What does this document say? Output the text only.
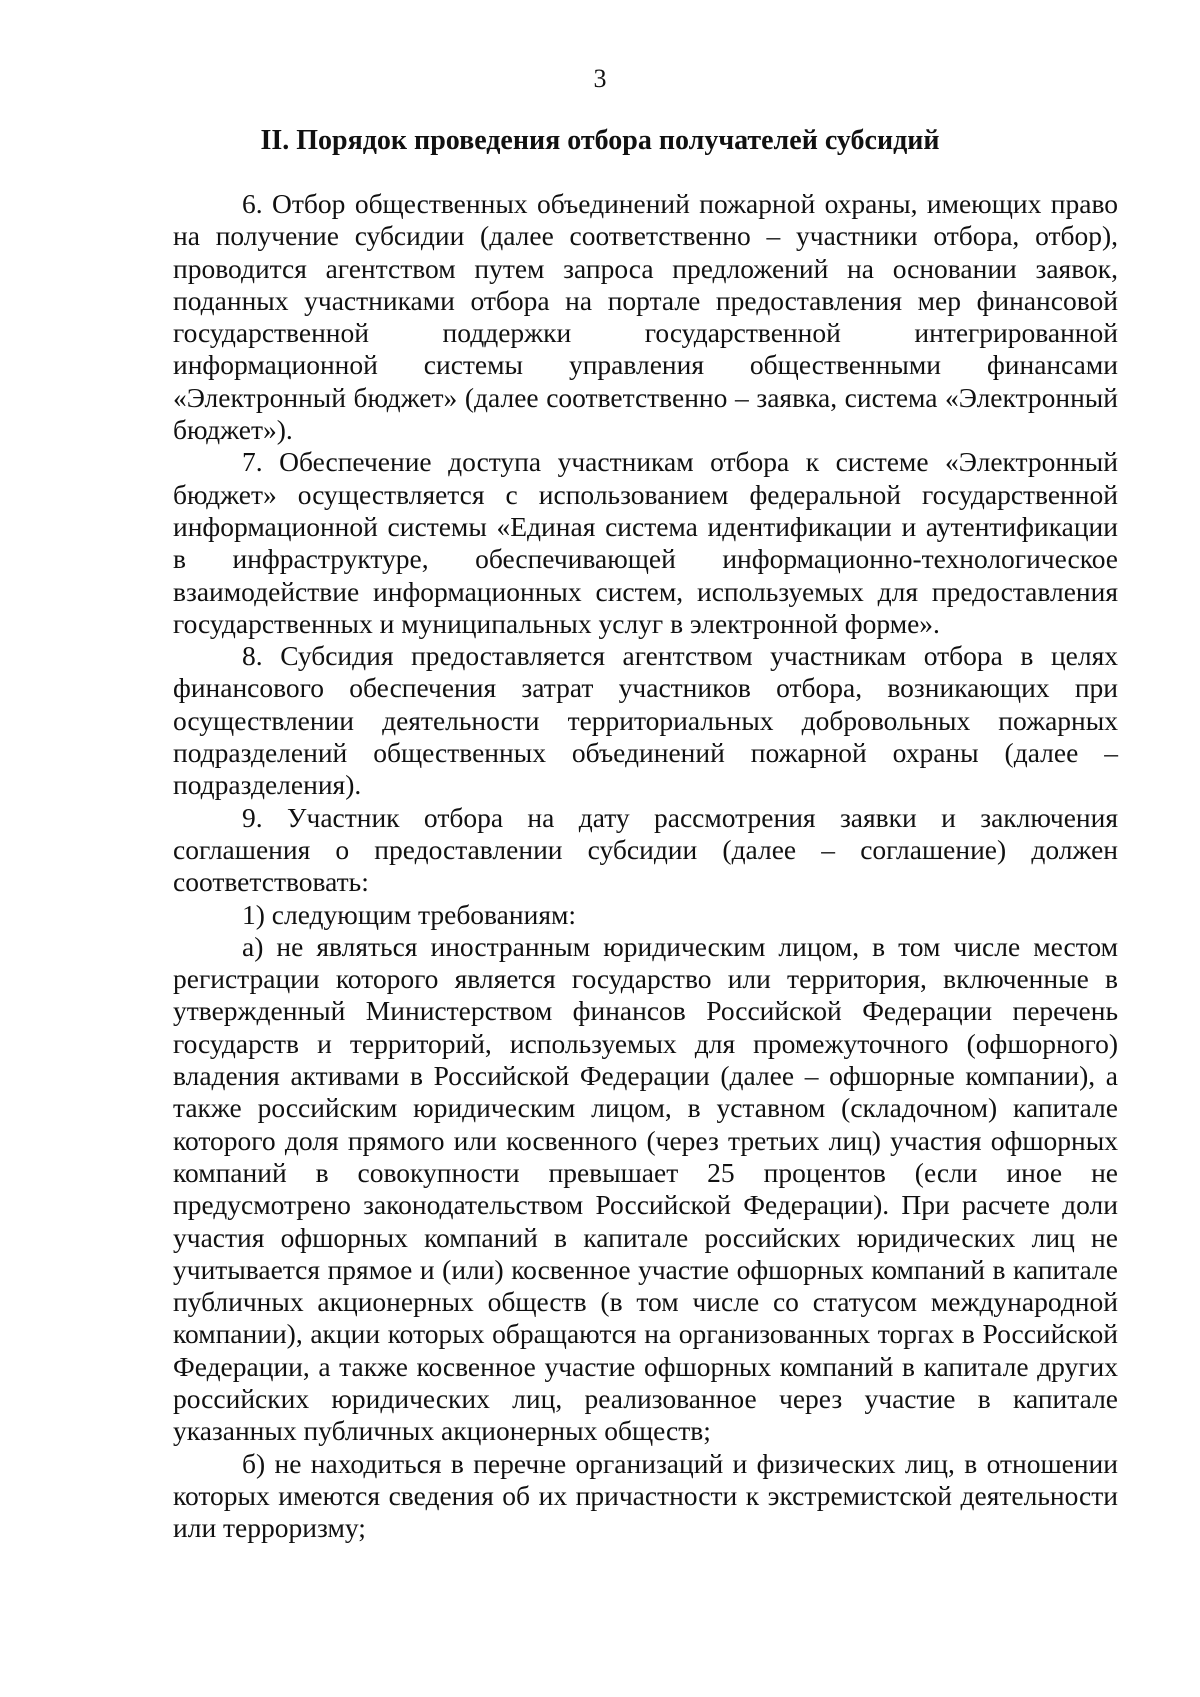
3
II. Порядок проведения отбора получателей субсидий

6. Отбор общественных объединений пожарной охраны, имеющих право на получение субсидии (далее соответственно – участники отбора, отбор), проводится агентством путем запроса предложений на основании заявок, поданных участниками отбора на портале предоставления мер финансовой государственной поддержки государственной интегрированной информационной системы управления общественными финансами «Электронный бюджет» (далее соответственно – заявка, система «Электронный бюджет»).

7. Обеспечение доступа участникам отбора к системе «Электронный бюджет» осуществляется с использованием федеральной государственной информационной системы «Единая система идентификации и аутентификации в инфраструктуре, обеспечивающей информационно-технологическое взаимодействие информационных систем, используемых для предоставления государственных и муниципальных услуг в электронной форме».

8. Субсидия предоставляется агентством участникам отбора в целях финансового обеспечения затрат участников отбора, возникающих при осуществлении деятельности территориальных добровольных пожарных подразделений общественных объединений пожарной охраны (далее – подразделения).

9. Участник отбора на дату рассмотрения заявки и заключения соглашения о предоставлении субсидии (далее – соглашение) должен соответствовать:

1) следующим требованиям:

а) не являться иностранным юридическим лицом, в том числе местом регистрации которого является государство или территория, включенные в утвержденный Министерством финансов Российской Федерации перечень государств и территорий, используемых для промежуточного (офшорного) владения активами в Российской Федерации (далее – офшорные компании), а также российским юридическим лицом, в уставном (складочном) капитале которого доля прямого или косвенного (через третьих лиц) участия офшорных компаний в совокупности превышает 25 процентов (если иное не предусмотрено законодательством Российской Федерации). При расчете доли участия офшорных компаний в капитале российских юридических лиц не учитывается прямое и (или) косвенное участие офшорных компаний в капитале публичных акционерных обществ (в том числе со статусом международной компании), акции которых обращаются на организованных торгах в Российской Федерации, а также косвенное участие офшорных компаний в капитале других российских юридических лиц, реализованное через участие в капитале указанных публичных акционерных обществ;

б) не находиться в перечне организаций и физических лиц, в отношении которых имеются сведения об их причастности к экстремистской деятельности или терроризму;
